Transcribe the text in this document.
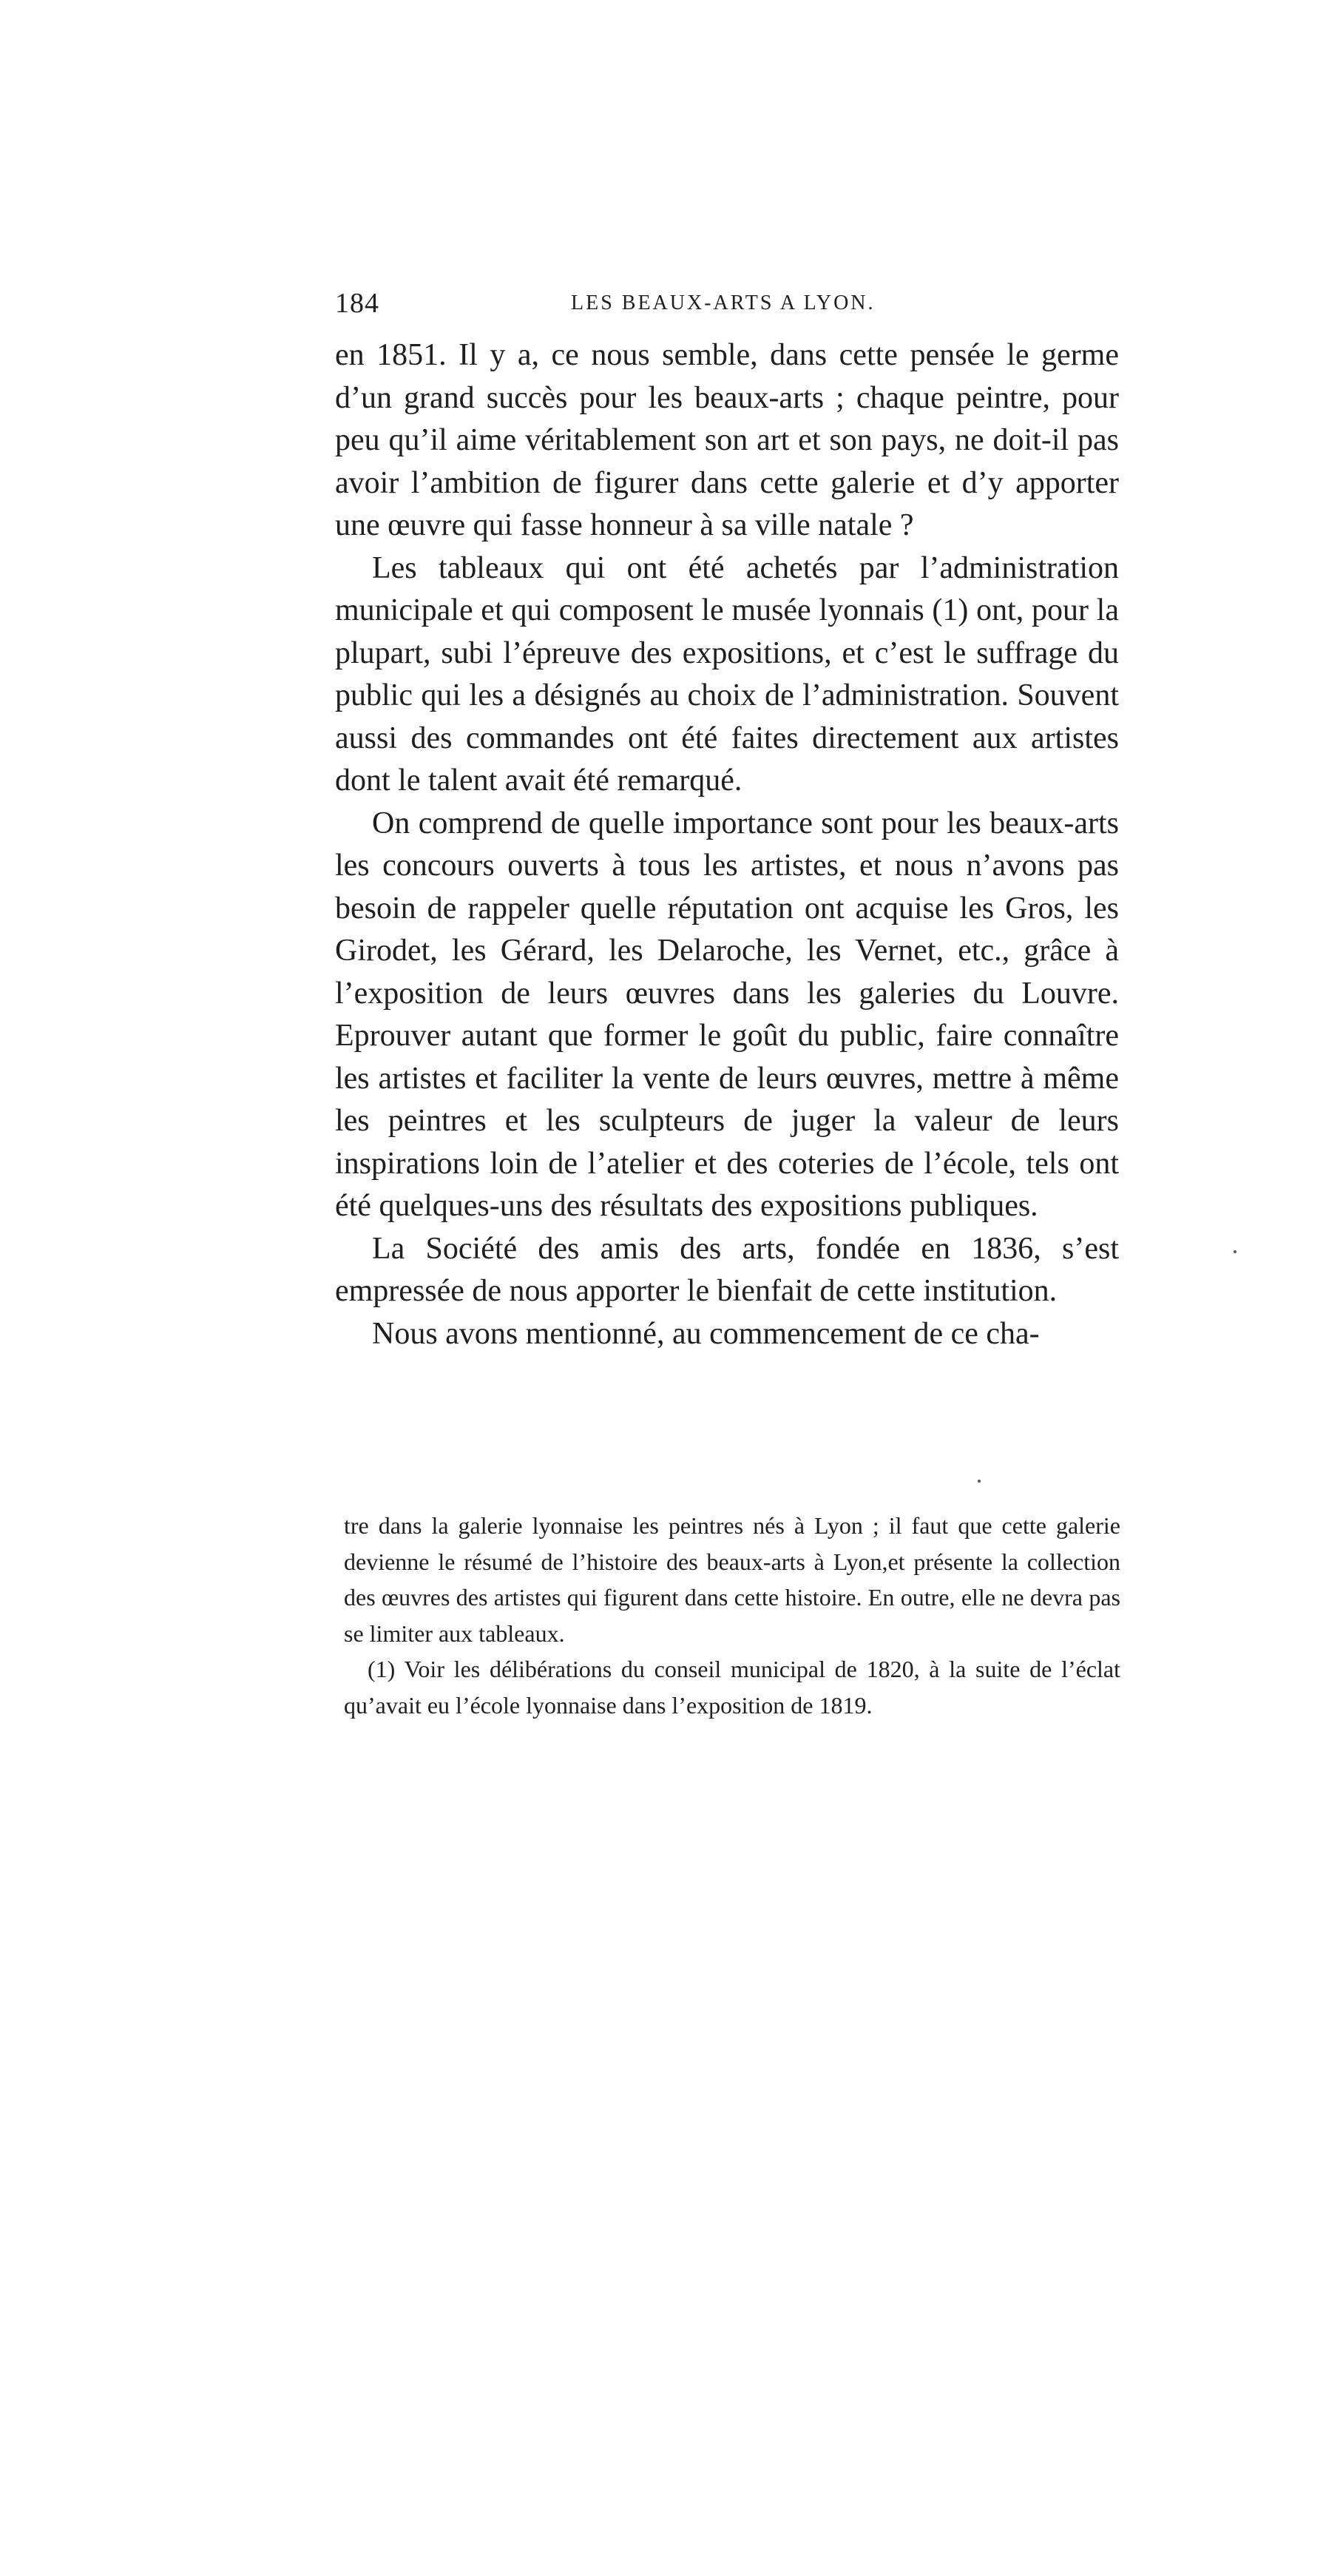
184	LES BEAUX-ARTS A LYON.

en 1851. Il y a, ce nous semble, dans cette pensée le germe d’un grand succès pour les beaux-arts ; chaque peintre, pour peu qu’il aime véritablement son art et son pays, ne doit-il pas avoir l’ambition de figurer dans cette galerie et d’y apporter une œuvre qui fasse honneur à sa ville natale ?

Les tableaux qui ont été achetés par l’administration municipale et qui composent le musée lyonnais (1) ont, pour la plupart, subi l’épreuve des expositions, et c’est le suffrage du public qui les a désignés au choix de l’administration. Souvent aussi des commandes ont été faites directement aux artistes dont le talent avait été remarqué.

On comprend de quelle importance sont pour les beaux-arts les concours ouverts à tous les artistes, et nous n’avons pas besoin de rappeler quelle réputation ont acquise les Gros, les Girodet, les Gérard, les Delaroche, les Vernet, etc., grâce à l’exposition de leurs œuvres dans les galeries du Louvre. Eprouver autant que former le goût du public, faire connaître les artistes et faciliter la vente de leurs œuvres, mettre à même les peintres et les sculpteurs de juger la valeur de leurs inspirations loin de l’atelier et des coteries de l’école, tels ont été quelques-uns des résultats des expositions publiques.

La Société des amis des arts, fondée en 1836, s’est empressée de nous apporter le bienfait de cette institution.

Nous avons mentionné, au commencement de ce cha-

tre dans la galerie lyonnaise les peintres nés à Lyon ; il faut que cette galerie devienne le résumé de l’histoire des beaux-arts à Lyon,et présente la collection des œuvres des artistes qui figurent dans cette histoire. En outre, elle ne devra pas se limiter aux tableaux.

(1) Voir les délibérations du conseil municipal de 1820, à la suite de l’éclat qu’avait eu l’école lyonnaise dans l’exposition de 1819.
